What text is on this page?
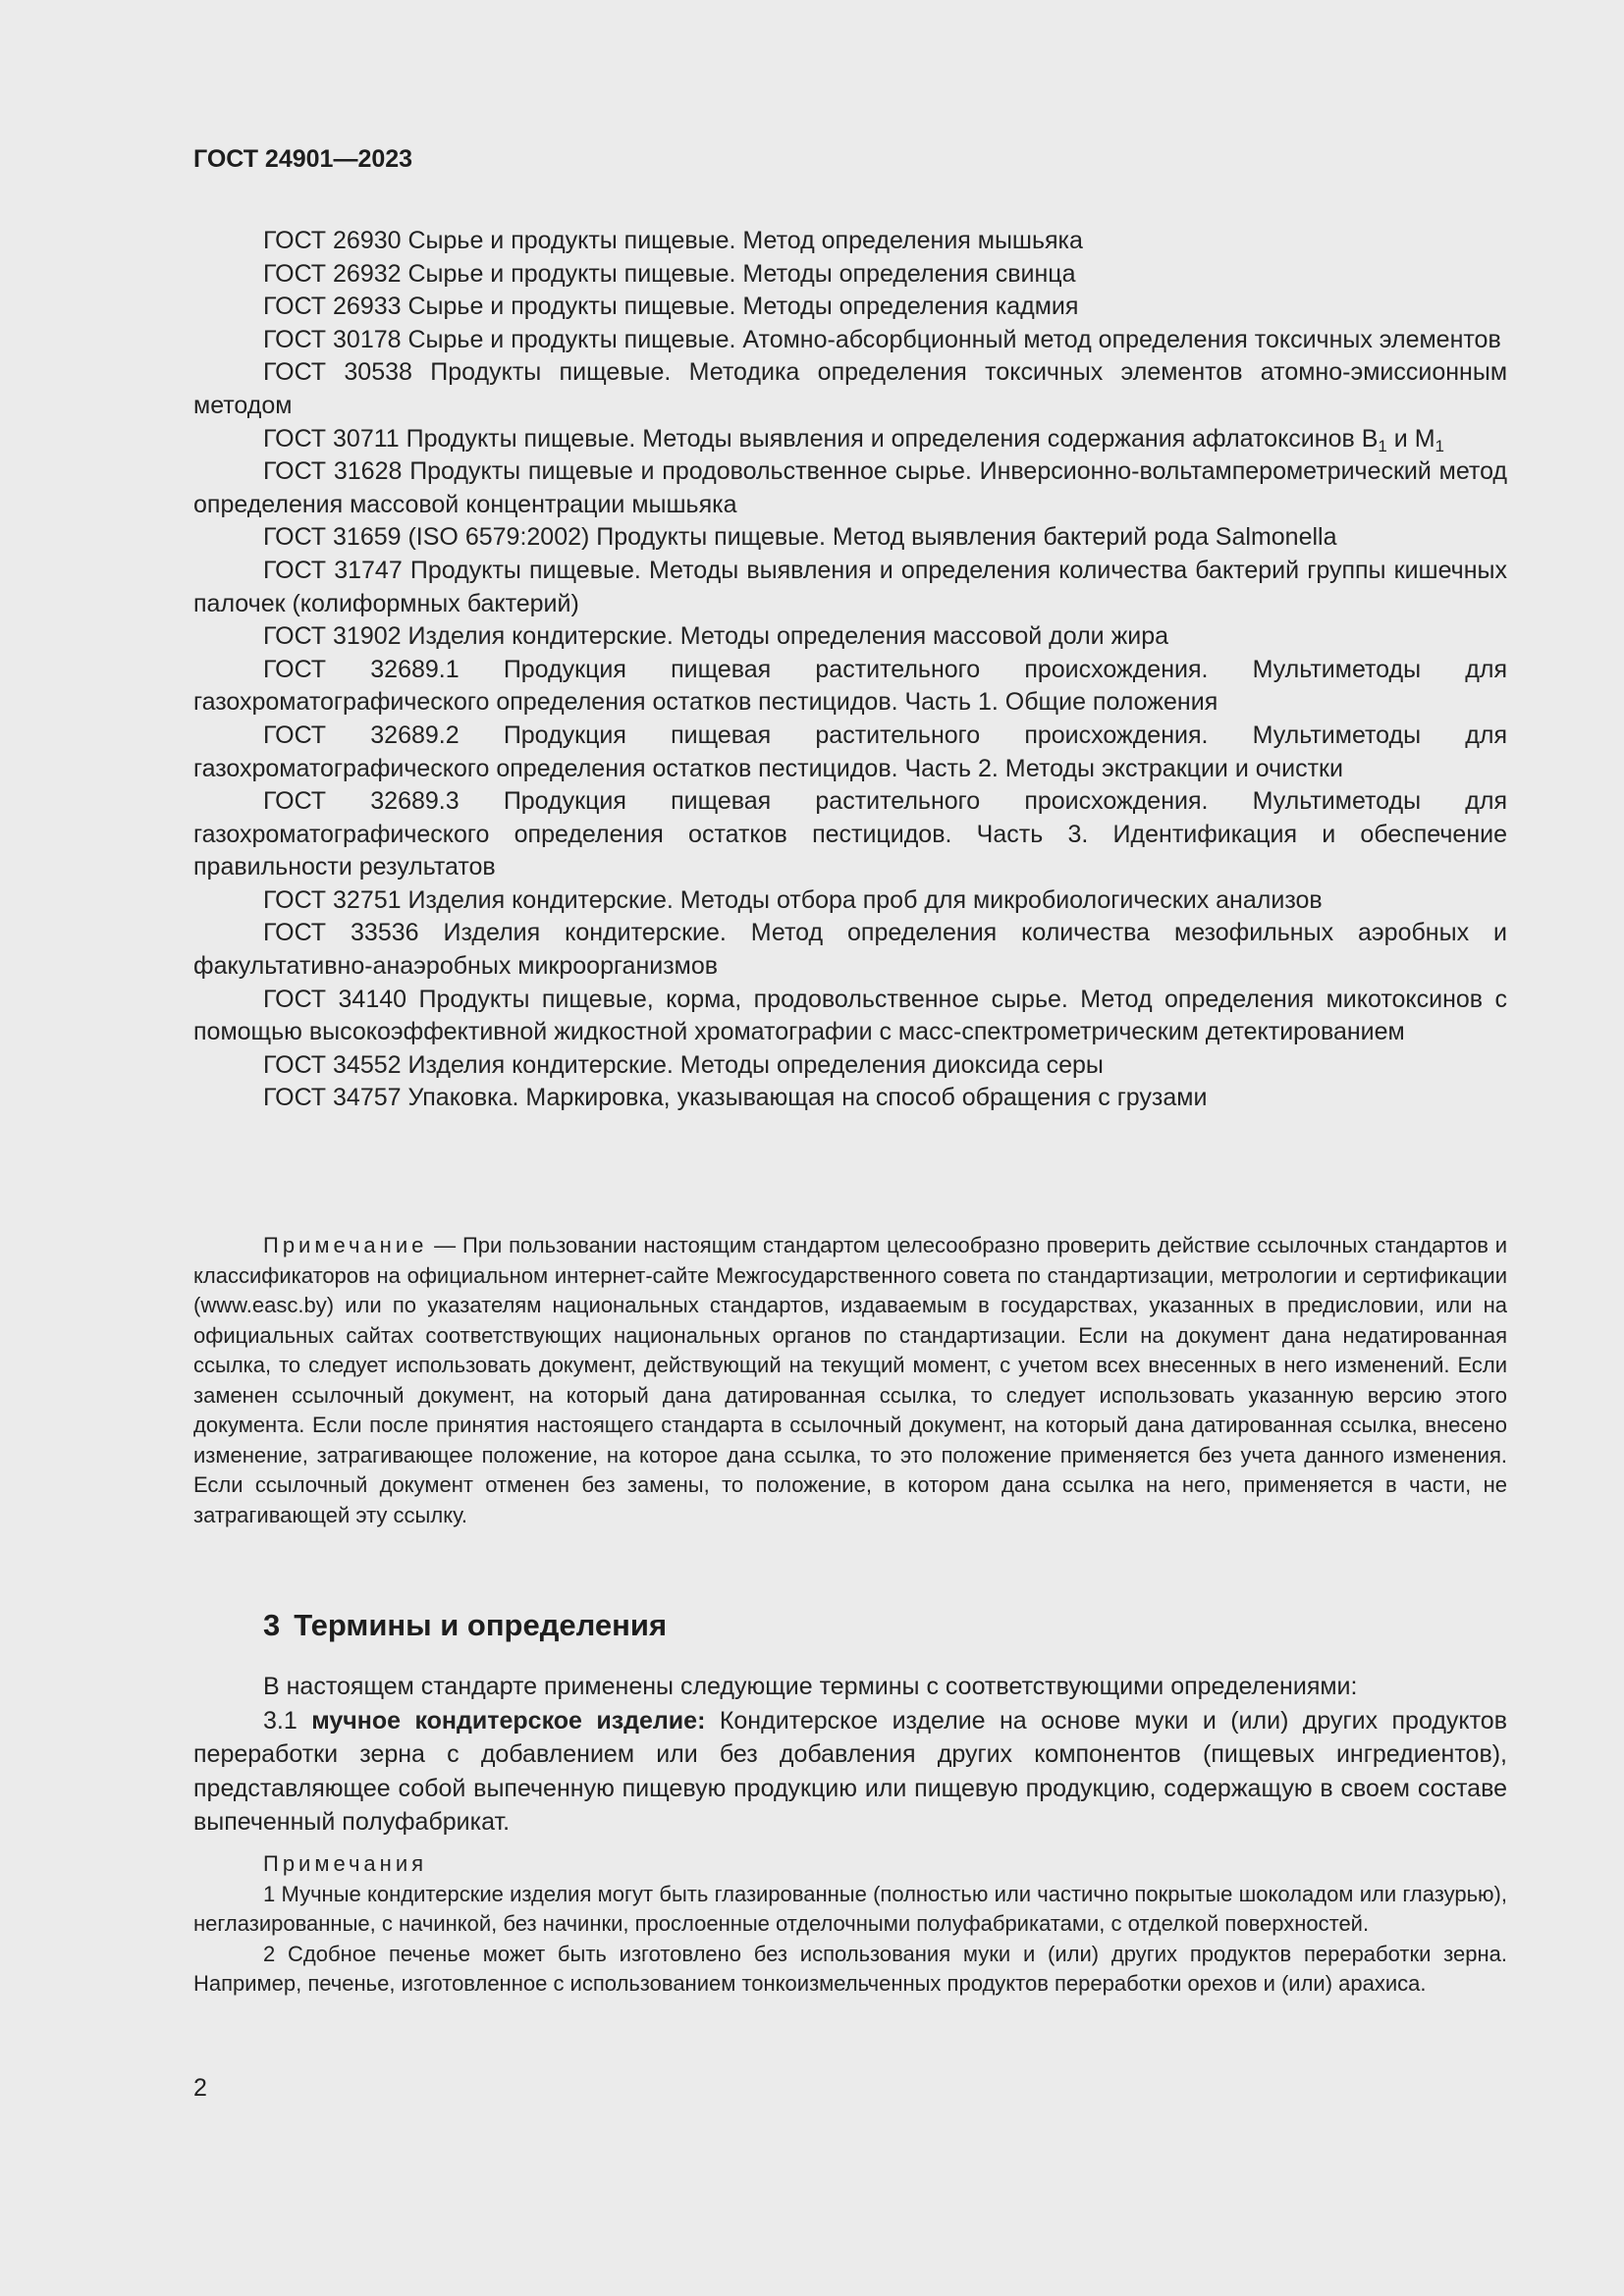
ГОСТ 24901—2023

ГОСТ 26930 Сырье и продукты пищевые. Метод определения мышьяка

ГОСТ 26932 Сырье и продукты пищевые. Методы определения свинца

ГОСТ 26933 Сырье и продукты пищевые. Методы определения кадмия

ГОСТ 30178 Сырье и продукты пищевые. Атомно-абсорбционный метод определения токсичных элементов

ГОСТ 30538 Продукты пищевые. Методика определения токсичных элементов атомно-эмиссионным методом

ГОСТ 30711 Продукты пищевые. Методы выявления и определения содержания афлатоксинов $В_1$ и $М_1$

ГОСТ 31628 Продукты пищевые и продовольственное сырье. Инверсионно-вольтамперометрический метод определения массовой концентрации мышьяка

ГОСТ 31659 (ISO 6579:2002) Продукты пищевые. Метод выявления бактерий рода Salmonella

ГОСТ 31747 Продукты пищевые. Методы выявления и определения количества бактерий группы кишечных палочек (колиформных бактерий)

ГОСТ 31902 Изделия кондитерские. Методы определения массовой доли жира

ГОСТ 32689.1 Продукция пищевая растительного происхождения. Мультиметоды для газохроматографического определения остатков пестицидов. Часть 1. Общие положения

ГОСТ 32689.2 Продукция пищевая растительного происхождения. Мультиметоды для газохроматографического определения остатков пестицидов. Часть 2. Методы экстракции и очистки

ГОСТ 32689.3 Продукция пищевая растительного происхождения. Мультиметоды для газохроматографического определения остатков пестицидов. Часть 3. Идентификация и обеспечение правильности результатов

ГОСТ 32751 Изделия кондитерские. Методы отбора проб для микробиологических анализов

ГОСТ 33536 Изделия кондитерские. Метод определения количества мезофильных аэробных и факультативно-анаэробных микроорганизмов

ГОСТ 34140 Продукты пищевые, корма, продовольственное сырье. Метод определения микотоксинов с помощью высокоэффективной жидкостной хроматографии с масс-спектрометрическим детектированием

ГОСТ 34552 Изделия кондитерские. Методы определения диоксида серы

ГОСТ 34757 Упаковка. Маркировка, указывающая на способ обращения с грузами

Примечание — При пользовании настоящим стандартом целесообразно проверить действие ссылочных стандартов и классификаторов на официальном интернет-сайте Межгосударственного совета по стандартизации, метрологии и сертификации (www.easc.by) или по указателям национальных стандартов, издаваемым в государствах, указанных в предисловии, или на официальных сайтах соответствующих национальных органов по стандартизации. Если на документ дана недатированная ссылка, то следует использовать документ, действующий на текущий момент, с учетом всех внесенных в него изменений. Если заменен ссылочный документ, на который дана датированная ссылка, то следует использовать указанную версию этого документа. Если после принятия настоящего стандарта в ссылочный документ, на который дана датированная ссылка, внесено изменение, затрагивающее положение, на которое дана ссылка, то это положение применяется без учета данного изменения. Если ссылочный документ отменен без замены, то положение, в котором дана ссылка на него, применяется в части, не затрагивающей эту ссылку.

3 Термины и определения

В настоящем стандарте применены следующие термины с соответствующими определениями:

3.1 мучное кондитерское изделие: Кондитерское изделие на основе муки и (или) других продуктов переработки зерна с добавлением или без добавления других компонентов (пищевых ингредиентов), представляющее собой выпеченную пищевую продукцию или пищевую продукцию, содержащую в своем составе выпеченный полуфабрикат.

Примечания

1 Мучные кондитерские изделия могут быть глазированные (полностью или частично покрытые шоколадом или глазурью), неглазированные, с начинкой, без начинки, прослоенные отделочными полуфабрикатами, с отделкой поверхностей.

2 Сдобное печенье может быть изготовлено без использования муки и (или) других продуктов переработки зерна. Например, печенье, изготовленное с использованием тонкоизмельченных продуктов переработки орехов и (или) арахиса.

2
